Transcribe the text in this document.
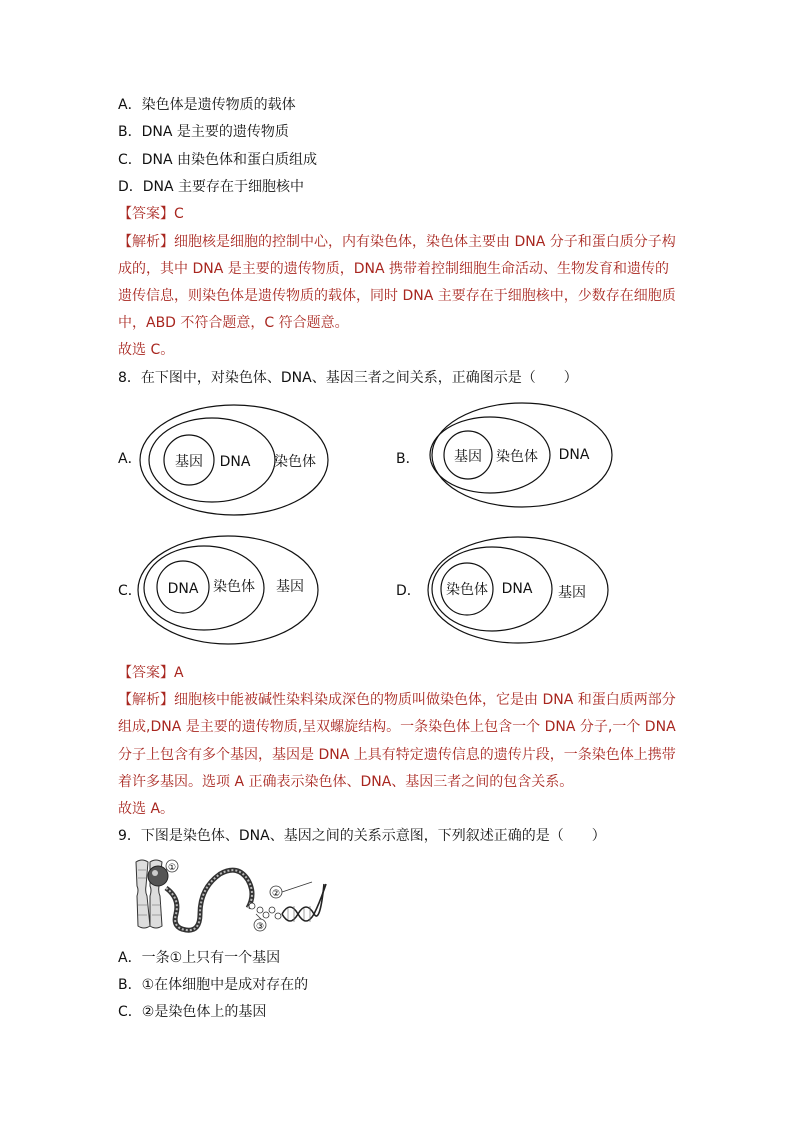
A．染色体是遗传物质的载体
B．DNA 是主要的遗传物质
C．DNA 由染色体和蛋白质组成
D．DNA 主要存在于细胞核中
【答案】C
【解析】细胞核是细胞的控制中心，内有染色体，染色体主要由 DNA 分子和蛋白质分子构
成的，其中 DNA 是主要的遗传物质，DNA 携带着控制细胞生命活动、生物发育和遗传的
遗传信息，则染色体是遗传物质的载体，同时 DNA 主要存在于细胞核中，少数存在细胞质
中，ABD 不符合题意，C 符合题意。
故选 C。
8．在下图中，对染色体、DNA、基因三者之间关系，正确图示是（　　）
A． 基因 DNA 染色体	B． 基因 染色体 DNA
C． DNA 染色体 基因	D． 染色体 DNA 基因
①
②
③
【答案】A
【解析】细胞核中能被碱性染料染成深色的物质叫做染色体，它是由 DNA 和蛋白质两部分
组成,DNA 是主要的遗传物质,呈双螺旋结构。一条染色体上包含一个 DNA 分子,一个 DNA
分子上包含有多个基因，基因是 DNA 上具有特定遗传信息的遗传片段，一条染色体上携带
着许多基因。选项 A 正确表示染色体、DNA、基因三者之间的包含关系。
故选 A。
9．下图是染色体、DNA、基因之间的关系示意图，下列叙述正确的是（　　）
A．一条①上只有一个基因
B．①在体细胞中是成对存在的
C．②是染色体上的基因
